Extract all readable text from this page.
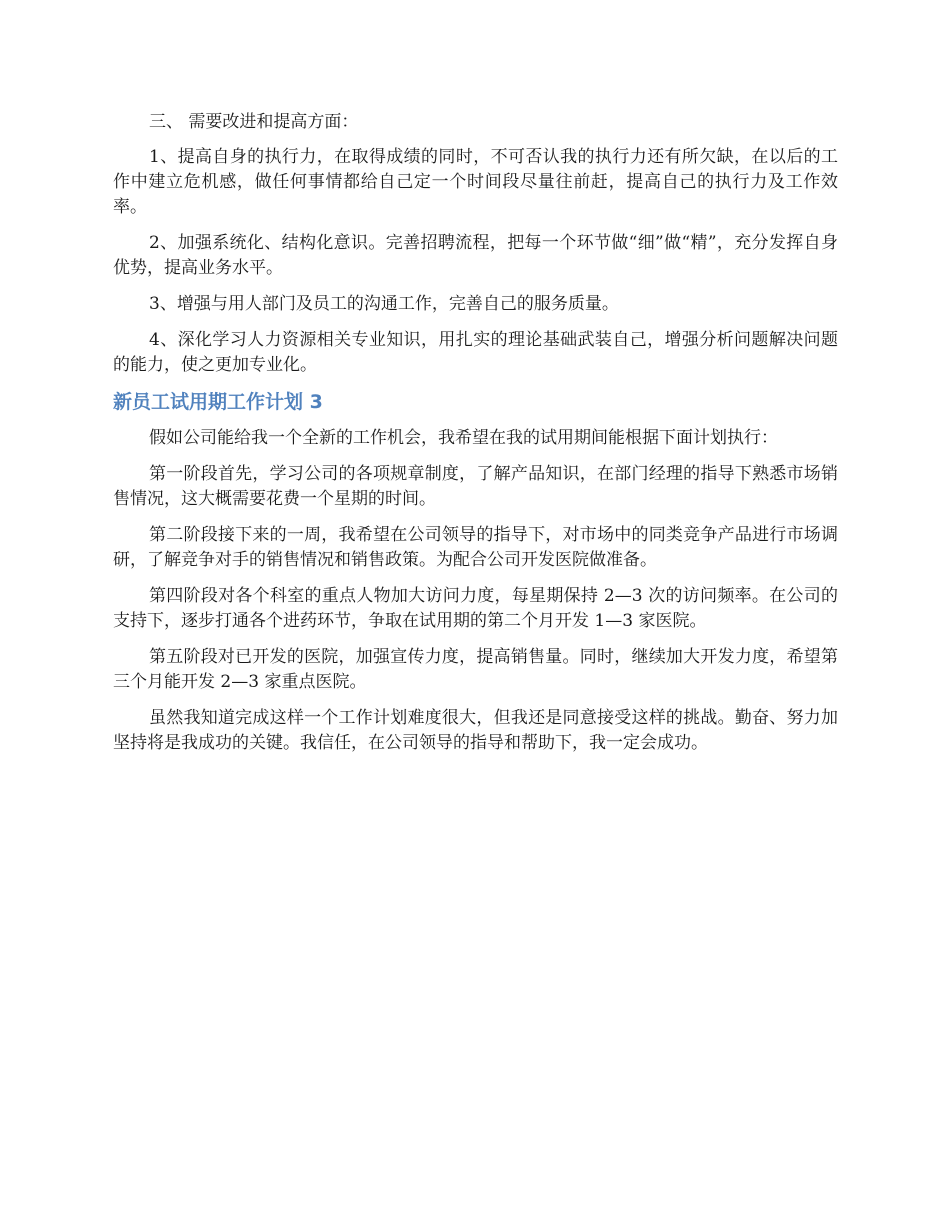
三、 需要改进和提高方面：

1、提高自身的执行力，在取得成绩的同时，不可否认我的执行力还有所欠缺，在以后的工作中建立危机感，做任何事情都给自己定一个时间段尽量往前赶，提高自己的执行力及工作效率。

2、加强系统化、结构化意识。完善招聘流程，把每一个环节做“细”做“精”，充分发挥自身优势，提高业务水平。

3、增强与用人部门及员工的沟通工作，完善自己的服务质量。

4、深化学习人力资源相关专业知识，用扎实的理论基础武装自己，增强分析问题解决问题的能力，使之更加专业化。

新员工试用期工作计划 3

假如公司能给我一个全新的工作机会，我希望在我的试用期间能根据下面计划执行：

第一阶段首先，学习公司的各项规章制度，了解产品知识，在部门经理的指导下熟悉市场销售情况，这大概需要花费一个星期的时间。

第二阶段接下来的一周，我希望在公司领导的指导下，对市场中的同类竞争产品进行市场调研，了解竞争对手的销售情况和销售政策。为配合公司开发医院做准备。

第四阶段对各个科室的重点人物加大访问力度，每星期保持 2—3 次的访问频率。在公司的支持下，逐步打通各个进药环节，争取在试用期的第二个月开发 1—3 家医院。

第五阶段对已开发的医院，加强宣传力度，提高销售量。同时，继续加大开发力度，希望第三个月能开发 2—3 家重点医院。

虽然我知道完成这样一个工作计划难度很大，但我还是同意接受这样的挑战。勤奋、努力加坚持将是我成功的关键。我信任，在公司领导的指导和帮助下，我一定会成功。
